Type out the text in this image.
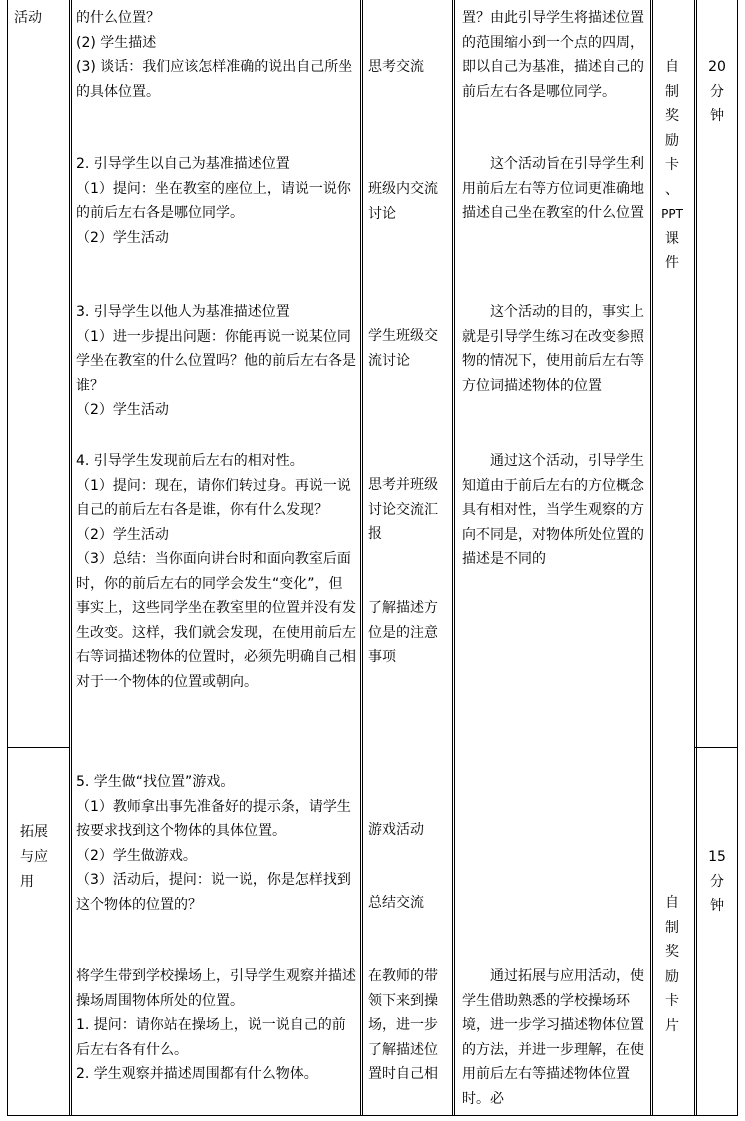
活动
拓展与应用

的什么位置？

(2) 学生描述

(3) 谈话：我们应该怎样准确的说出自己所坐的具体位置。

2. 引导学生以自己为基准描述位置

（1）提问：坐在教室的座位上，请说一说你的前后左右各是哪位同学。

（2）学生活动

3. 引导学生以他人为基准描述位置

（1）进一步提出问题：你能再说一说某位同学坐在教室的什么位置吗？他的前后左右各是谁？

（2）学生活动

4. 引导学生发现前后左右的相对性。

（1）提问：现在，请你们转过身。再说一说自己的前后左右各是谁，你有什么发现？

（2）学生活动

（3）总结：当你面向讲台时和面向教室后面时，你的前后左右的同学会发生“变化”，但事实上，这些同学坐在教室里的位置并没有发生改变。这样，我们就会发现，在使用前后左右等词描述物体的位置时，必须先明确自己相对于一个物体的位置或朝向。

5. 学生做“找位置”游戏。

（1）教师拿出事先准备好的提示条，请学生按要求找到这个物体的具体位置。

（2）学生做游戏。

（3）活动后，提问：说一说，你是怎样找到这个物体的位置的？

将学生带到学校操场上，引导学生观察并描述操场周围物体所处的位置。

1. 提问：请你站在操场上，说一说自己的前后左右各有什么。

2. 学生观察并描述周围都有什么物体。

思考交流
班级内交流讨论
学生班级交流讨论
思考并班级讨论交流汇报
了解描述方位是的注意事项
游戏活动
总结交流
在教师的带领下来到操场，进一步了解描述位置时自己相
置？由此引导学生将描述位置的范围缩小到一个点的四周，即以自己为基准，描述自己的前后左右各是哪位同学。
这个活动旨在引导学生利用前后左右等方位词更准确地描述自己坐在教室的什么位置
这个活动的目的，事实上就是引导学生练习在改变参照物的情况下，使用前后左右等方位词描述物体的位置
通过这个活动，引导学生知道由于前后左右的方位概念具有相对性，当学生观察的方向不同是，对物体所处位置的描述是不同的
通过拓展与应用活动，使学生借助熟悉的学校操场环境，进一步学习描述物体位置的方法，并进一步理解，在使用前后左右等描述物体位置时。必
自
制
奖
励
卡
、
PPT
课
件
自
制
奖
励
卡
片
20
分
钟
15
分
钟
